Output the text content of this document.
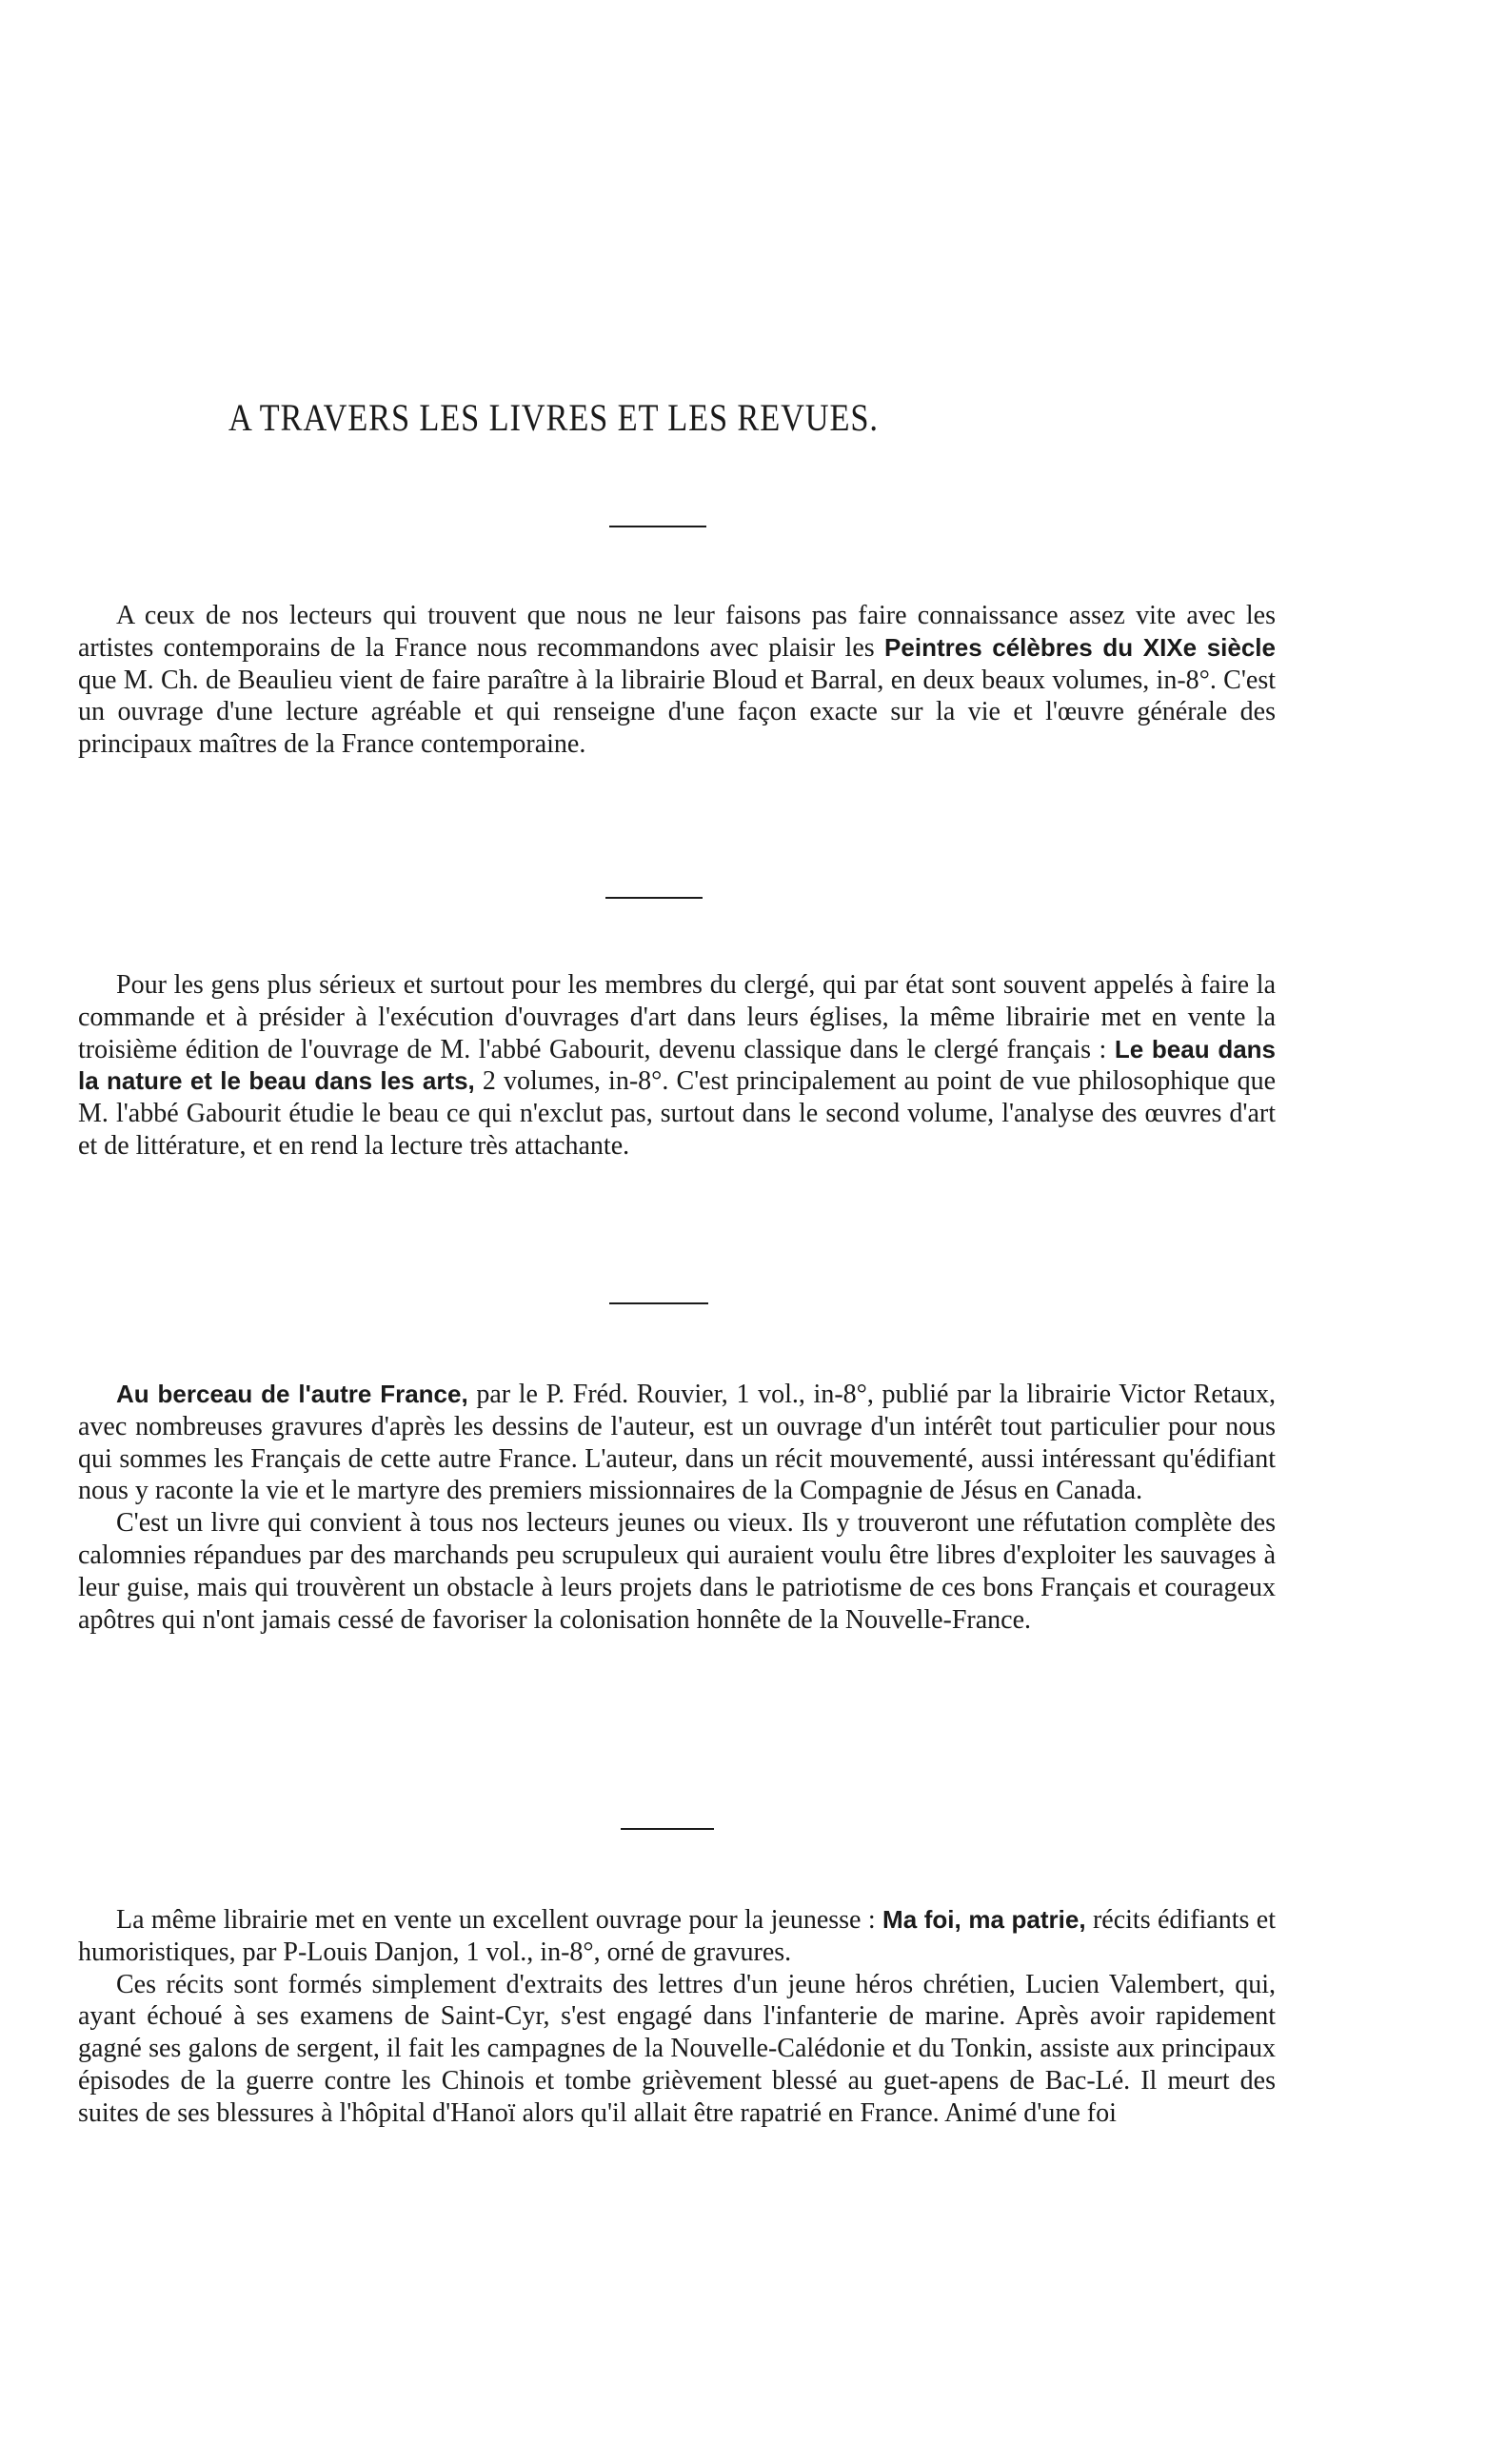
A TRAVERS LES LIVRES ET LES REVUES.

A ceux de nos lecteurs qui trouvent que nous ne leur faisons pas faire connaissance assez vite avec les artistes contemporains de la France nous recommandons avec plaisir les Peintres célèbres du XIXe siècle que M. Ch. de Beaulieu vient de faire paraître à la librairie Bloud et Barral, en deux beaux volumes, in-8°. C'est un ouvrage d'une lecture agréable et qui renseigne d'une façon exacte sur la vie et l'œuvre générale des principaux maîtres de la France contemporaine.

Pour les gens plus sérieux et surtout pour les membres du clergé, qui par état sont souvent appelés à faire la commande et à présider à l'exécution d'ouvrages d'art dans leurs églises, la même librairie met en vente la troisième édition de l'ouvrage de M. l'abbé Gabourit, devenu classique dans le clergé français : Le beau dans la nature et le beau dans les arts, 2 volumes, in-8°. C'est principalement au point de vue philosophique que M. l'abbé Gabourit étudie le beau ce qui n'exclut pas, surtout dans le second volume, l'analyse des œuvres d'art et de littérature, et en rend la lecture très attachante.

Au berceau de l'autre France, par le P. Fréd. Rouvier, 1 vol., in-8°, publié par la librairie Victor Retaux, avec nombreuses gravures d'après les dessins de l'auteur, est un ouvrage d'un intérêt tout particulier pour nous qui sommes les Français de cette autre France. L'auteur, dans un récit mouvementé, aussi intéressant qu'édifiant nous y raconte la vie et le martyre des premiers missionnaires de la Compagnie de Jésus en Canada.

C'est un livre qui convient à tous nos lecteurs jeunes ou vieux. Ils y trouveront une réfutation complète des calomnies répandues par des marchands peu scrupuleux qui auraient voulu être libres d'exploiter les sauvages à leur guise, mais qui trouvèrent un obstacle à leurs projets dans le patriotisme de ces bons Français et courageux apôtres qui n'ont jamais cessé de favoriser la colonisation honnête de la Nouvelle-France.

La même librairie met en vente un excellent ouvrage pour la jeunesse : Ma foi, ma patrie, récits édifiants et humoristiques, par P-Louis Danjon, 1 vol., in-8°, orné de gravures.

Ces récits sont formés simplement d'extraits des lettres d'un jeune héros chrétien, Lucien Valembert, qui, ayant échoué à ses examens de Saint-Cyr, s'est engagé dans l'infanterie de marine. Après avoir rapidement gagné ses galons de sergent, il fait les campagnes de la Nouvelle-Calédonie et du Tonkin, assiste aux principaux épisodes de la guerre contre les Chinois et tombe grièvement blessé au guet-apens de Bac-Lé. Il meurt des suites de ses blessures à l'hôpital d'Hanoï alors qu'il allait être rapatrié en France. Animé d'une foi
